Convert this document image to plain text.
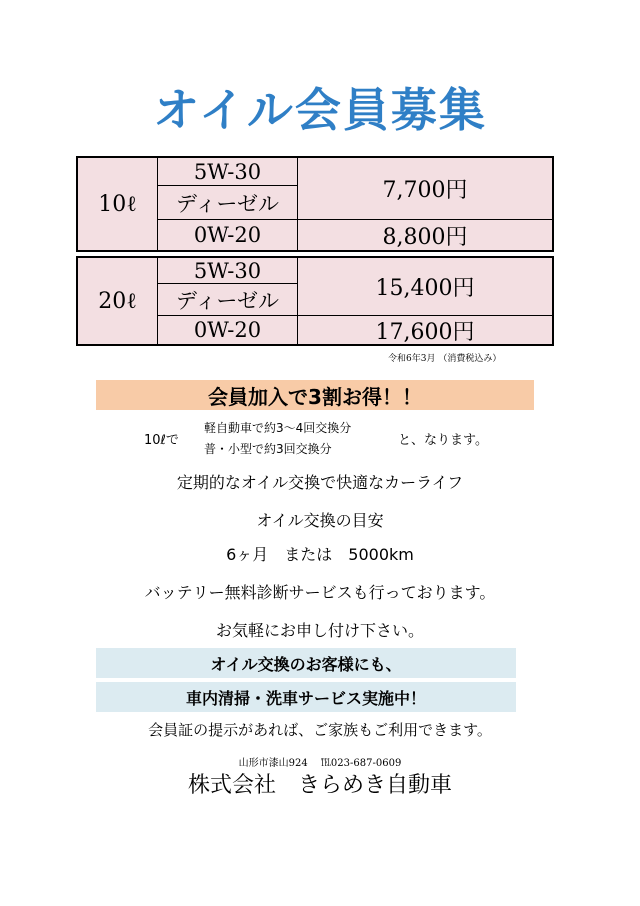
オイル会員募集
10ℓ
5W-30
ディーゼル
0W-20
7,700円
8,800円
20ℓ
5W-30
ディーゼル
0W-20
15,400円
17,600円
令和6年3月 （消費税込み）
会員加入で3割お得！！
10ℓで
軽自動車で約3～4回交換分
普・小型で約3回交換分
と、なります。
定期的なオイル交換で快適なカーライフ
オイル交換の目安
6ヶ月　または　5000km
バッテリー無料診断サービスも行っております。
お気軽にお申し付け下さい。
オイル交換のお客様にも、
車内清掃・洗車サービス実施中！
会員証の提示があれば、ご家族もご利用できます。
山形市漆山924　 ℡023-687-0609
株式会社　きらめき自動車
